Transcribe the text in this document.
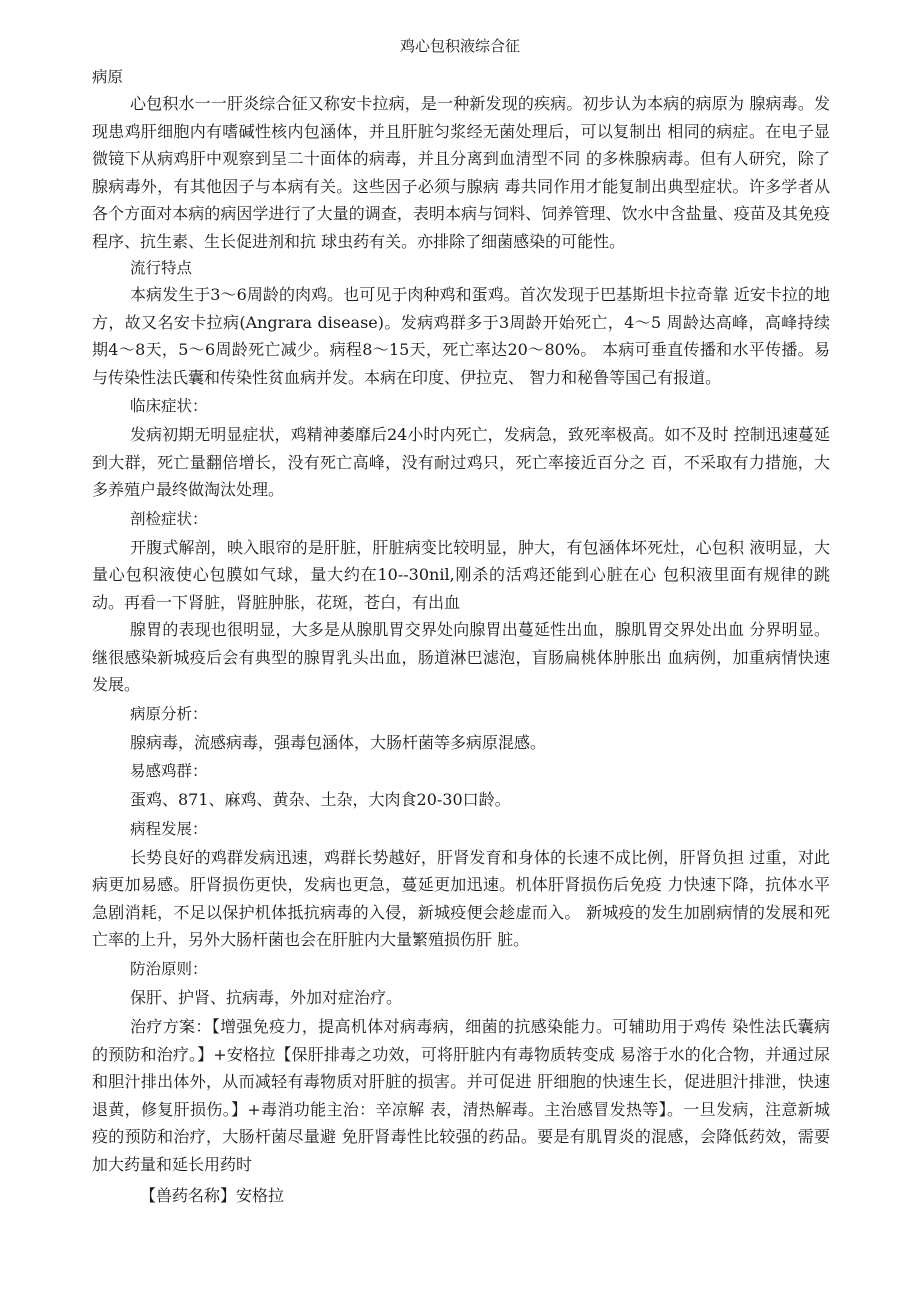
鸡心包积液综合征

病原

心包积水一一肝炎综合征又称安卡拉病，是一种新发现的疾病。初步认为本病的病原为 腺病毒。发现患鸡肝细胞内有嗜碱性核内包涵体，并且肝脏匀浆经无菌处理后，可以复制出 相同的病症。在电子显微镜下从病鸡肝中观察到呈二十面体的病毒，并且分离到血清型不同 的多株腺病毒。但有人研究，除了腺病毒外，有其他因子与本病有关。这些因子必须与腺病 毒共同作用才能复制出典型症状。许多学者从各个方面对本病的病因学进行了大量的调查，表明本病与饲料、饲养管理、饮水中含盐量、疫苗及其免疫程序、抗生素、生长促进剂和抗 球虫药有关。亦排除了细菌感染的可能性。

流行特点

本病发生于3〜6周龄的肉鸡。也可见于肉种鸡和蛋鸡。首次发现于巴基斯坦卡拉奇靠 近安卡拉的地方，故又名安卡拉病(Angrara disease)。发病鸡群多于3周龄开始死亡，4〜5 周龄达高峰，高峰持续期4〜8天，5〜6周龄死亡减少。病程8〜15天，死亡率达20〜80%。 本病可垂直传播和水平传播。易与传染性法氏囊和传染性贫血病并发。本病在印度、伊拉克、 智力和秘鲁等国己有报道。

临床症状：

发病初期无明显症状，鸡精神萎靡后24小时内死亡，发病急，致死率极高。如不及时 控制迅速蔓延到大群，死亡量翻倍增长，没有死亡高峰，没有耐过鸡只，死亡率接近百分之 百，不采取有力措施，大多养殖户最终做淘汰处理。

剖检症状：

开腹式解剖，映入眼帘的是肝脏，肝脏病变比较明显，肿大，有包涵体坏死灶，心包积 液明显，大量心包积液使心包膜如气球，量大约在10--30nil,刚杀的活鸡还能到心脏在心 包积液里面有规律的跳动。再看一下肾脏，肾脏肿胀，花斑，苍白，有出血

腺胃的表现也很明显，大多是从腺肌胃交界处向腺胃出蔓延性出血，腺肌胃交界处出血 分界明显。继很感染新城疫后会有典型的腺胃乳头出血，肠道淋巴滤泡，盲肠扁桃体肿胀出 血病例，加重病情快速发展。

病原分析：

腺病毒，流感病毒，强毒包涵体，大肠杆菌等多病原混感。

易感鸡群：

蛋鸡、871、麻鸡、黄杂、土杂，大肉食20-30口龄。

病程发展：

长势良好的鸡群发病迅速，鸡群长势越好，肝肾发育和身体的长速不成比例，肝肾负担 过重，对此病更加易感。肝肾损伤更快，发病也更急，蔓延更加迅速。机体肝肾损伤后免疫 力快速下降，抗体水平急剧消耗，不足以保护机体抵抗病毒的入侵，新城疫便会趁虚而入。 新城疫的发生加剧病情的发展和死亡率的上升，另外大肠杆菌也会在肝脏内大量繁殖损伤肝 脏。

防治原则：

保肝、护肾、抗病毒，外加对症治疗。

治疗方案：【增强免疫力，提高机体对病毒病，细菌的抗感染能力。可辅助用于鸡传 染性法氏囊病的预防和治疗。】+安格拉【保肝排毒之功效，可将肝脏内有毒物质转变成 易溶于水的化合物，并通过尿和胆汁排出体外，从而减轻有毒物质对肝脏的损害。并可促进 肝细胞的快速生长，促进胆汁排泄，快速退黄，修复肝损伤。】+毒消功能主治：辛凉解 表，清热解毒。主治感冒发热等】。一旦发病，注意新城疫的预防和治疗，大肠杆菌尽量避 免肝肾毒性比较强的药品。要是有肌胃炎的混感，会降低药效，需要加大药量和延长用药时

【兽药名称】安格拉
